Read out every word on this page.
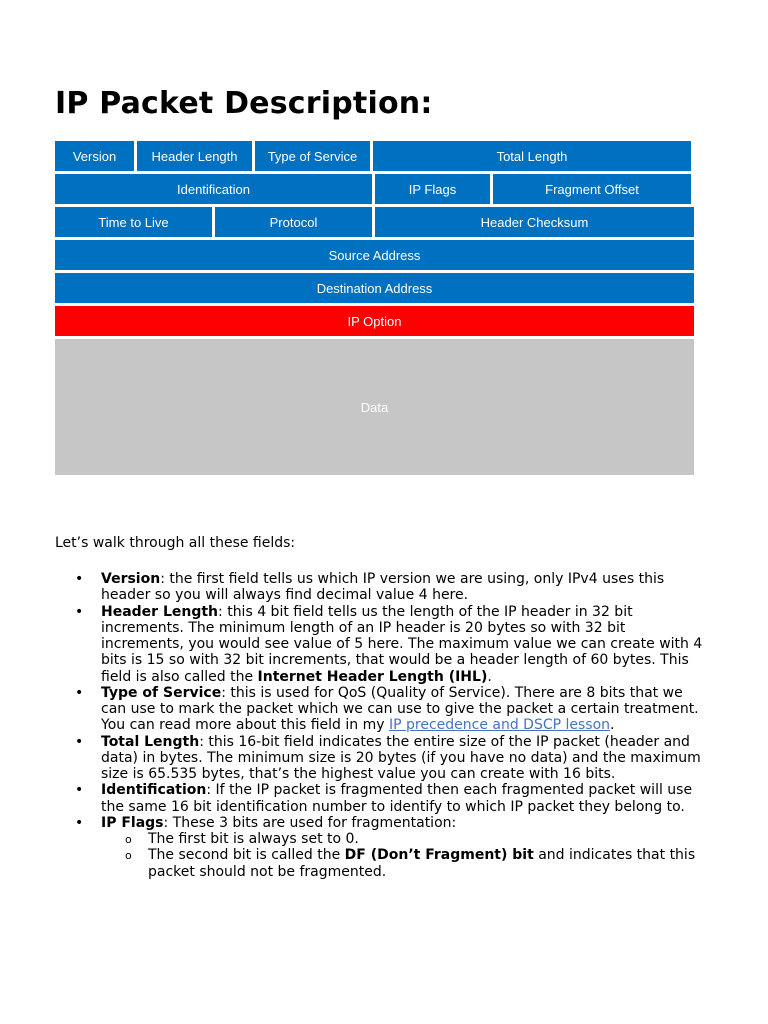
IP Packet Description:
Version	Header Length	Type of Service	Total Length
Identification	IP Flags	Fragment Offset
Time to Live	Protocol	Header Checksum
Source Address
Destination Address
IP Option
Data

Let’s walk through all these fields:

• Version: the first field tells us which IP version we are using, only IPv4 uses this header so you will always find decimal value 4 here.
• Header Length: this 4 bit field tells us the length of the IP header in 32 bit increments. The minimum length of an IP header is 20 bytes so with 32 bit increments, you would see value of 5 here. The maximum value we can create with 4 bits is 15 so with 32 bit increments, that would be a header length of 60 bytes. This field is also called the Internet Header Length (IHL).
• Type of Service: this is used for QoS (Quality of Service). There are 8 bits that we can use to mark the packet which we can use to give the packet a certain treatment. You can read more about this field in my IP precedence and DSCP lesson.
• Total Length: this 16-bit field indicates the entire size of the IP packet (header and data) in bytes. The minimum size is 20 bytes (if you have no data) and the maximum size is 65.535 bytes, that’s the highest value you can create with 16 bits.
• Identification: If the IP packet is fragmented then each fragmented packet will use the same 16 bit identification number to identify to which IP packet they belong to.
• IP Flags: These 3 bits are used for fragmentation:
o The first bit is always set to 0.
o The second bit is called the DF (Don’t Fragment) bit and indicates that this packet should not be fragmented.
